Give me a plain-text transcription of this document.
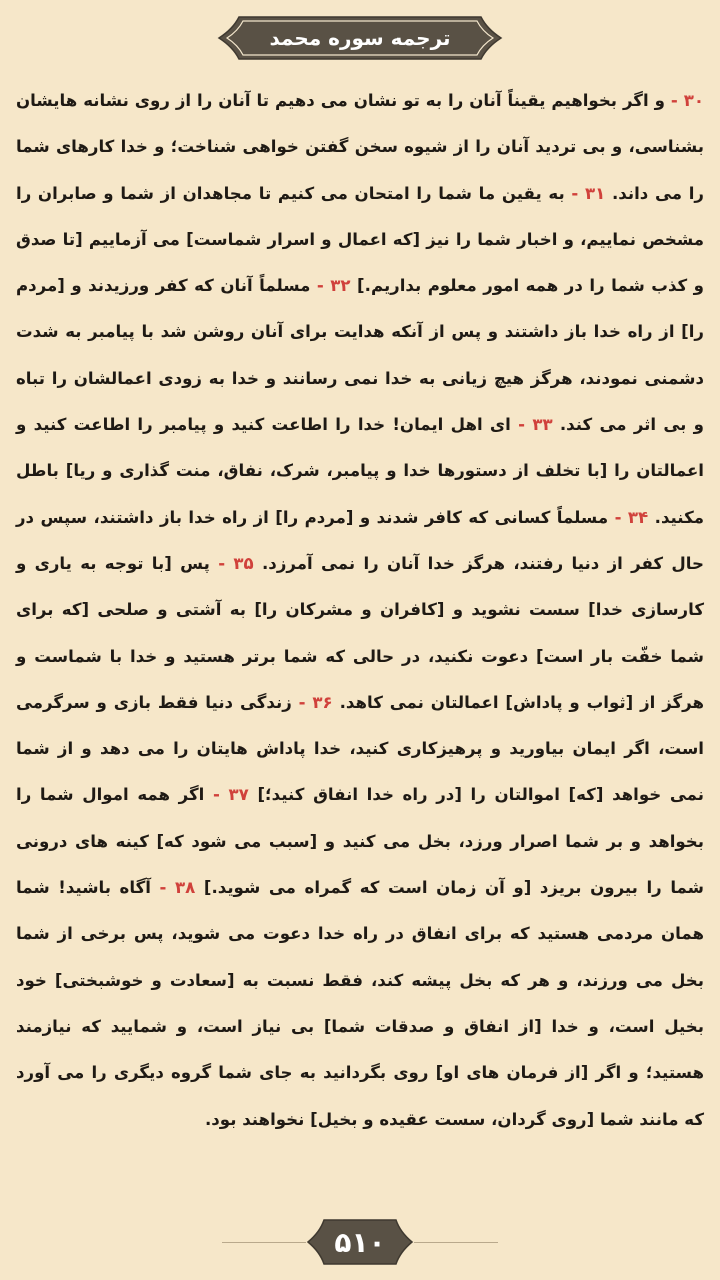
ترجمه سوره محمد
۳۰ - و اگر بخواهیم یقیناً آنان را به تو نشان می دهیم تا آنان را از روی نشانه هایشان بشناسی، و بی تردید آنان را از شیوه سخن گفتن خواهی شناخت؛ و خدا کارهای شما را می داند. ۳۱ - به یقین ما شما را امتحان می کنیم تا مجاهدان از شما و صابران را مشخص نماییم، و اخبار شما را نیز [که اعمال و اسرار شماست] می آزماییم [تا صدق و کذب شما را در همه امور معلوم بداریم.] ۳۲ - مسلماً آنان که کفر ورزیدند و [مردم را] از راه خدا باز داشتند و پس از آنکه هدایت برای آنان روشن شد با پیامبر به شدت دشمنی نمودند، هرگز هیچ زیانی به خدا نمی رسانند و خدا به زودی اعمالشان را تباه و بی اثر می کند. ۳۳ - ای اهل ایمان! خدا را اطاعت کنید و پیامبر را اطاعت کنید و اعمالتان را [با تخلف از دستورها خدا و پیامبر، شرک، نفاق، منت گذاری و ریا] باطل مکنید. ۳۴ - مسلماً کسانی که کافر شدند و [مردم را] از راه خدا باز داشتند، سپس در حال کفر از دنیا رفتند، هرگز خدا آنان را نمی آمرزد. ۳۵ - پس [با توجه به یاری و کارسازی خدا] سست نشوید و [کافران و مشرکان را] به آشتی و صلحی [که برای شما خفّت بار است] دعوت نکنید، در حالی که شما برتر هستید و خدا با شماست و هرگز از [ثواب و پاداش] اعمالتان نمی کاهد. ۳۶ - زندگی دنیا فقط بازی و سرگرمی است، اگر ایمان بیاورید و پرهیزکاری کنید، خدا پاداش هایتان را می دهد و از شما نمی خواهد [که] اموالتان را [در راه خدا انفاق کنید؛] ۳۷ - اگر همه اموال شما را بخواهد و بر شما اصرار ورزد، بخل می کنید و [سبب می شود که] کینه های درونی شما را بیرون بریزد [و آن زمان است که گمراه می شوید.] ۳۸ - آگاه باشید! شما همان مردمی هستید که برای انفاق در راه خدا دعوت می شوید، پس برخی از شما بخل می ورزند، و هر که بخل پیشه کند، فقط نسبت به [سعادت و خوشبختی] خود بخیل است، و خدا [از انفاق و صدقات شما] بی نیاز است، و شمایید که نیازمند هستید؛ و اگر [از فرمان های او] روی بگردانید به جای شما گروه دیگری را می آورد که مانند شما [روی گردان، سست عقیده و بخیل] نخواهند بود.
۵۱۰
